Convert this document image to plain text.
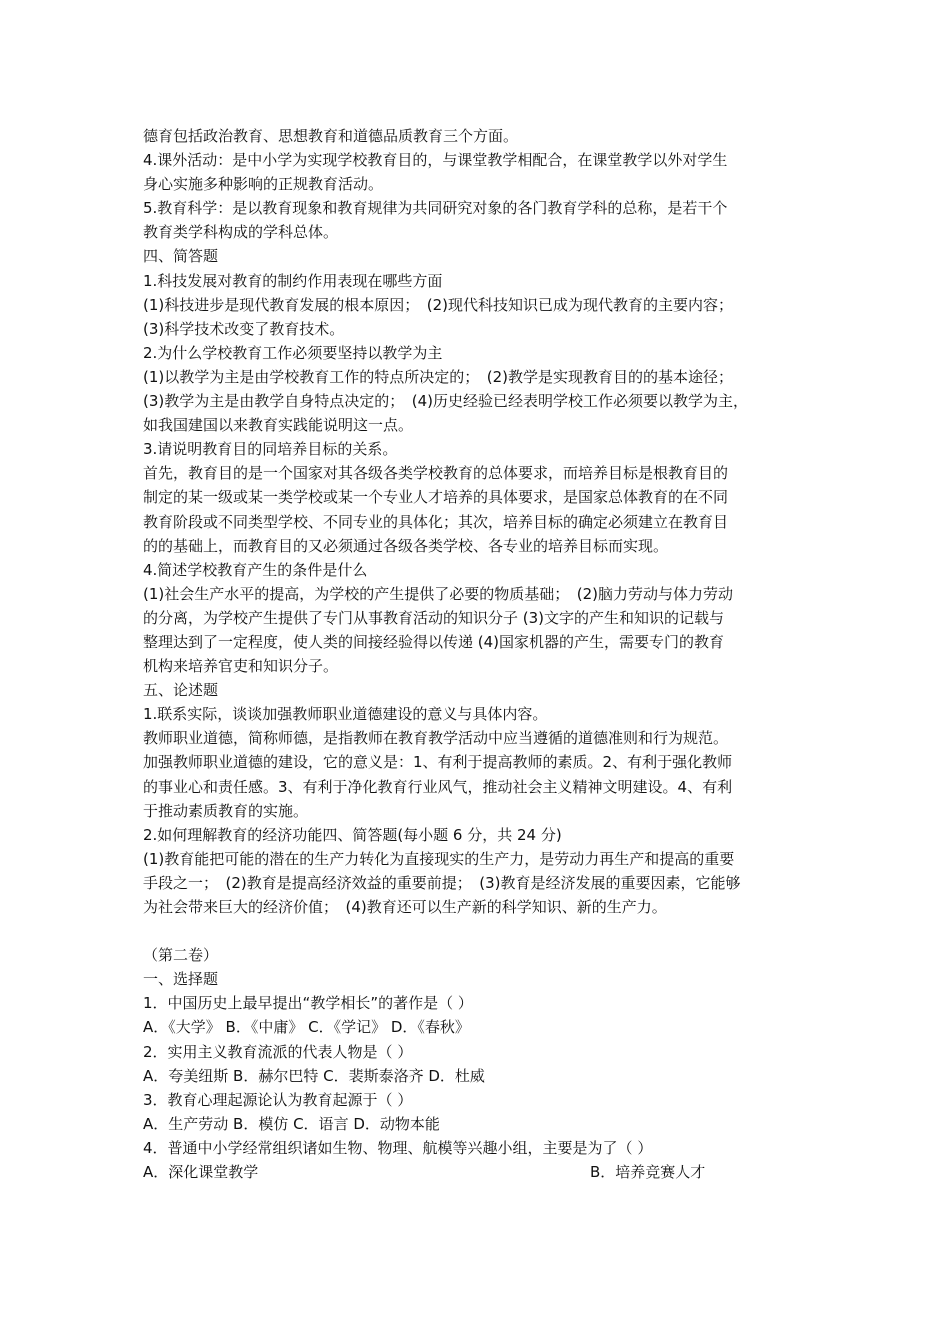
德育包括政治教育、思想教育和道德品质教育三个方面。
4.课外活动：是中小学为实现学校教育目的，与课堂教学相配合，在课堂教学以外对学生
身心实施多种影响的正规教育活动。
5.教育科学：是以教育现象和教育规律为共同研究对象的各门教育学科的总称，是若干个
教育类学科构成的学科总体。
四、简答题
1.科技发展对教育的制约作用表现在哪些方面
(1)科技进步是现代教育发展的根本原因；　(2)现代科技知识已成为现代教育的主要内容；
(3)科学技术改变了教育技术。
2.为什么学校教育工作必须要坚持以教学为主
(1)以教学为主是由学校教育工作的特点所决定的；　(2)教学是实现教育目的的基本途径；
(3)教学为主是由教学自身特点决定的；　(4)历史经验已经表明学校工作必须要以教学为主，
如我国建国以来教育实践能说明这一点。
3.请说明教育目的同培养目标的关系。
首先，教育目的是一个国家对其各级各类学校教育的总体要求，而培养目标是根教育目的
制定的某一级或某一类学校或某一个专业人才培养的具体要求，是国家总体教育的在不同
教育阶段或不同类型学校、不同专业的具体化；其次，培养目标的确定必须建立在教育目
的的基础上，而教育目的又必须通过各级各类学校、各专业的培养目标而实现。
4.简述学校教育产生的条件是什么
(1)社会生产水平的提高，为学校的产生提供了必要的物质基础；　(2)脑力劳动与体力劳动
的分离，为学校产生提供了专门从事教育活动的知识分子 (3)文字的产生和知识的记载与
整理达到了一定程度，使人类的间接经验得以传递 (4)国家机器的产生，需要专门的教育
机构来培养官吏和知识分子。
五、论述题
1.联系实际，谈谈加强教师职业道德建设的意义与具体内容。
教师职业道德，简称师德，是指教师在教育教学活动中应当遵循的道德准则和行为规范。
加强教师职业道德的建设，它的意义是：1、有利于提高教师的素质。2、有利于强化教师
的事业心和责任感。3、有利于净化教育行业风气，推动社会主义精神文明建设。4、有利
于推动素质教育的实施。
2.如何理解教育的经济功能四、简答题(每小题 6 分，共 24 分)
(1)教育能把可能的潜在的生产力转化为直接现实的生产力，是劳动力再生产和提高的重要
手段之一；　(2)教育是提高经济效益的重要前提；　(3)教育是经济发展的重要因素，它能够
为社会带来巨大的经济价值；　(4)教育还可以生产新的科学知识、新的生产力。
（第二卷）
一、选择题
1．中国历史上最早提出“教学相长”的著作是（ ）
A．《大学》 B．《中庸》 C．《学记》 D．《春秋》
2．实用主义教育流派的代表人物是（ ）
A．夸美纽斯 B．赫尔巴特 C．裴斯泰洛齐 D．杜威
3．教育心理起源论认为教育起源于（ ）
A．生产劳动 B．模仿 C．语言 D．动物本能
4．普通中小学经常组织诸如生物、物理、航模等兴趣小组，主要是为了（ ）
A．深化课堂教学	B．培养竞赛人才
